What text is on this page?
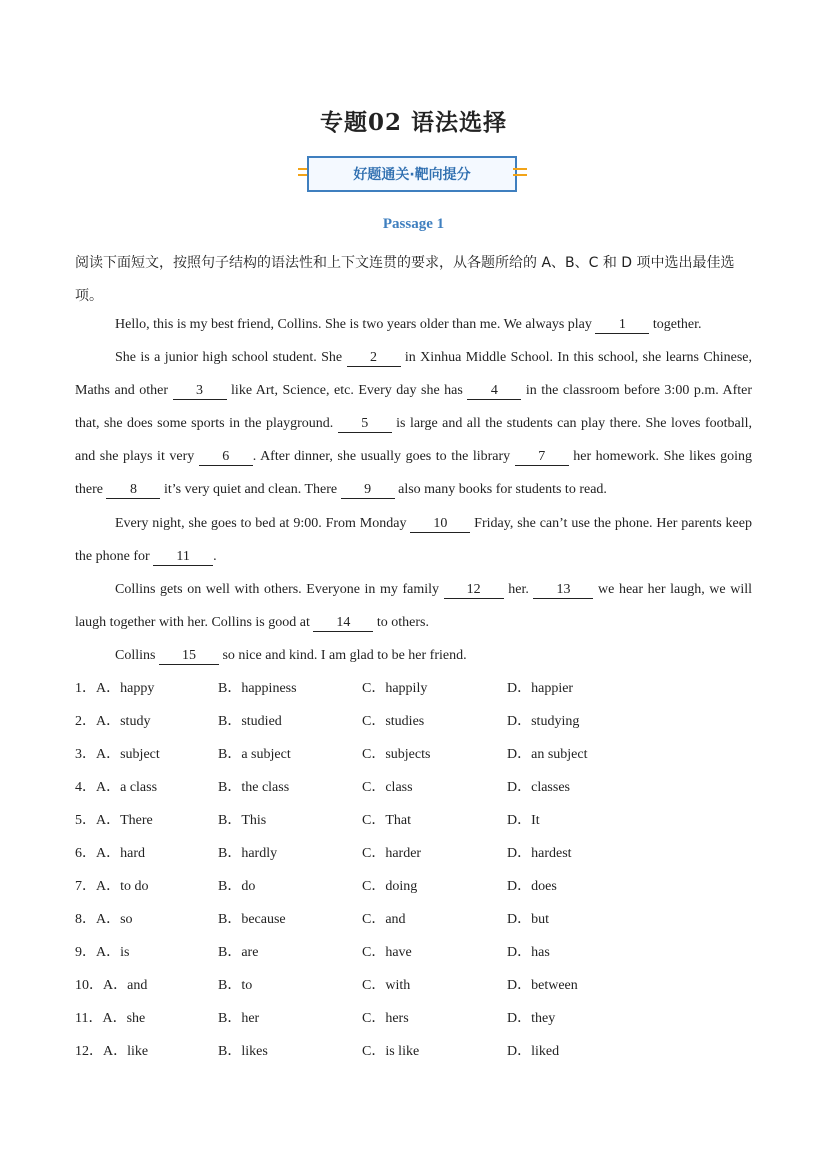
专题02 语法选择
好题通关·靶向提分
Passage 1
阅读下面短文，按照句子结构的语法性和上下文连贯的要求，从各题所给的 A、B、C 和 D 项中选出最佳选项。
Hello, this is my best friend, Collins. She is two years older than me. We always play 1 together.
She is a junior high school student. She 2 in Xinhua Middle School. In this school, she learns Chinese, Maths and other 3 like Art, Science, etc. Every day she has 4 in the classroom before 3:00 p.m. After that, she does some sports in the playground. 5 is large and all the students can play there. She loves football, and she plays it very 6 . After dinner, she usually goes to the library 7 her homework. She likes going there 8 it’s very quiet and clean. There 9 also many books for students to read.
Every night, she goes to bed at 9:00. From Monday 10 Friday, she can’t use the phone. Her parents keep the phone for 11 .
Collins gets on well with others. Everyone in my family 12 her. 13 we hear her laugh, we will laugh together with her. Collins is good at 14 to others.
Collins 15 so nice and kind. I am glad to be her friend.
1．A．happy	B．happiness	C．happily	D．happier
2．A．study	B．studied	C．studies	D．studying
3．A．subject	B．a subject	C．subjects	D．an subject
4．A．a class	B．the class	C．class	D．classes
5．A．There	B．This	C．That	D．It
6．A．hard	B．hardly	C．harder	D．hardest
7．A．to do	B．do	C．doing	D．does
8．A．so	B．because	C．and	D．but
9．A．is	B．are	C．have	D．has
10．A．and	B．to	C．with	D．between
11．A．she	B．her	C．hers	D．they
12．A．like	B．likes	C．is like	D．liked
